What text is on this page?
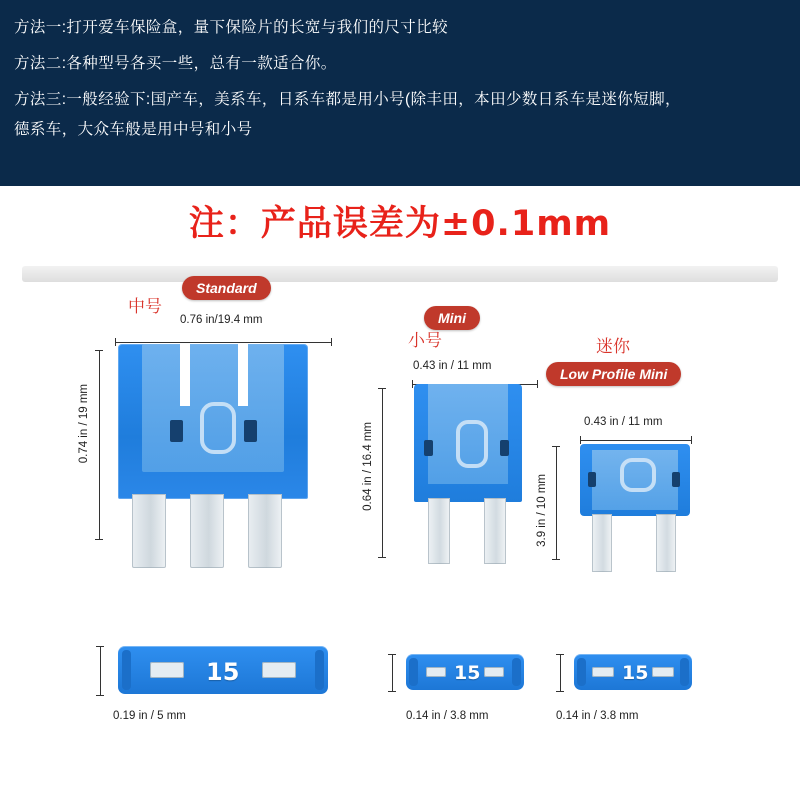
方法一:打开爱车保险盒，量下保险片的长宽与我们的尺寸比较

方法二:各种型号各买一些，总有一款适合你。

方法三:一般经验下:国产车，美系车，日系车都是用小号(除丰田，本田少数日系车是迷你短脚，
德系车，大众车般是用中号和小号

注：产品误差为±0.1mm
中号
Standard
0.76 in/19.4 mm
0.74 in / 19 mm
小号
Mini
0.43 in / 11 mm
0.64 in / 16.4 mm
迷你
Low Profile Mini
0.43 in / 11 mm
3.9 in / 10 mm
15
0.19 in / 5 mm
15
0.14 in / 3.8 mm
15
0.14 in / 3.8 mm
